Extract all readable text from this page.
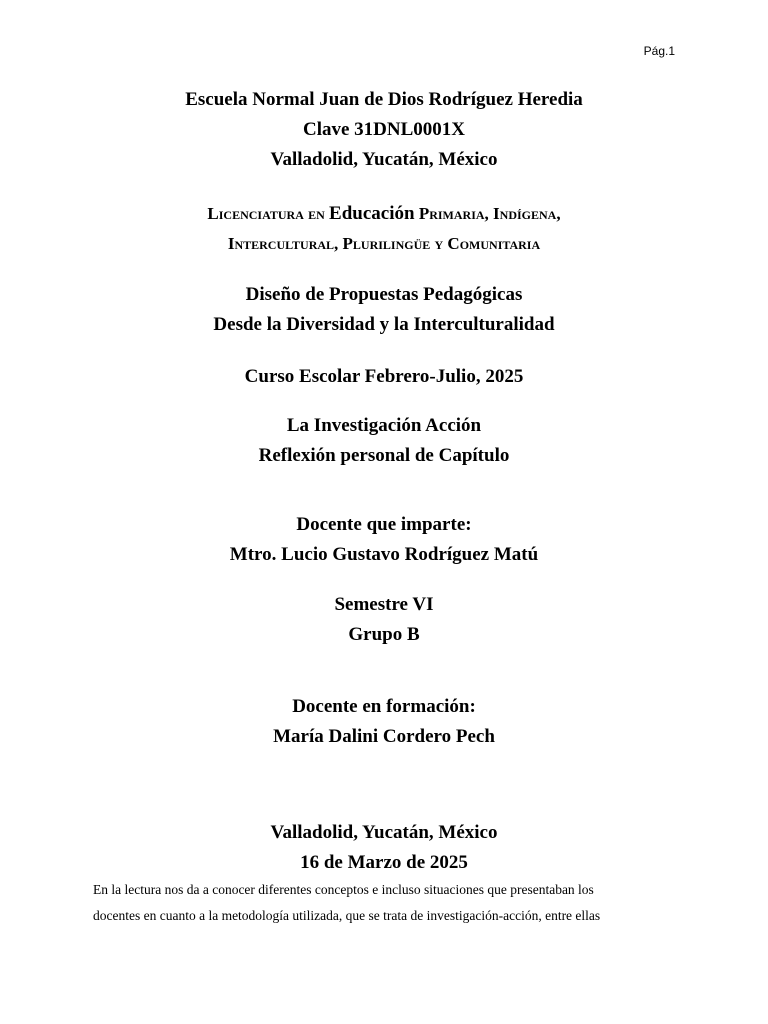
Pág.1
Escuela Normal Juan de Dios Rodríguez Heredia
Clave 31DNL0001X
Valladolid, Yucatán, México
Licenciatura en Educación Primaria, Indígena,
Intercultural, Plurilingüe y Comunitaria
Diseño de Propuestas Pedagógicas
Desde la Diversidad y la Interculturalidad
Curso Escolar Febrero-Julio, 2025
La Investigación Acción
Reflexión personal de Capítulo
Docente que imparte:
Mtro. Lucio Gustavo Rodríguez Matú
Semestre VI
Grupo B
Docente en formación:
María Dalini Cordero Pech
Valladolid, Yucatán, México
16 de Marzo de 2025
En la lectura nos da a conocer diferentes conceptos e incluso situaciones que presentaban los
docentes en cuanto a la metodología utilizada, que se trata de investigación-acción, entre ellas
